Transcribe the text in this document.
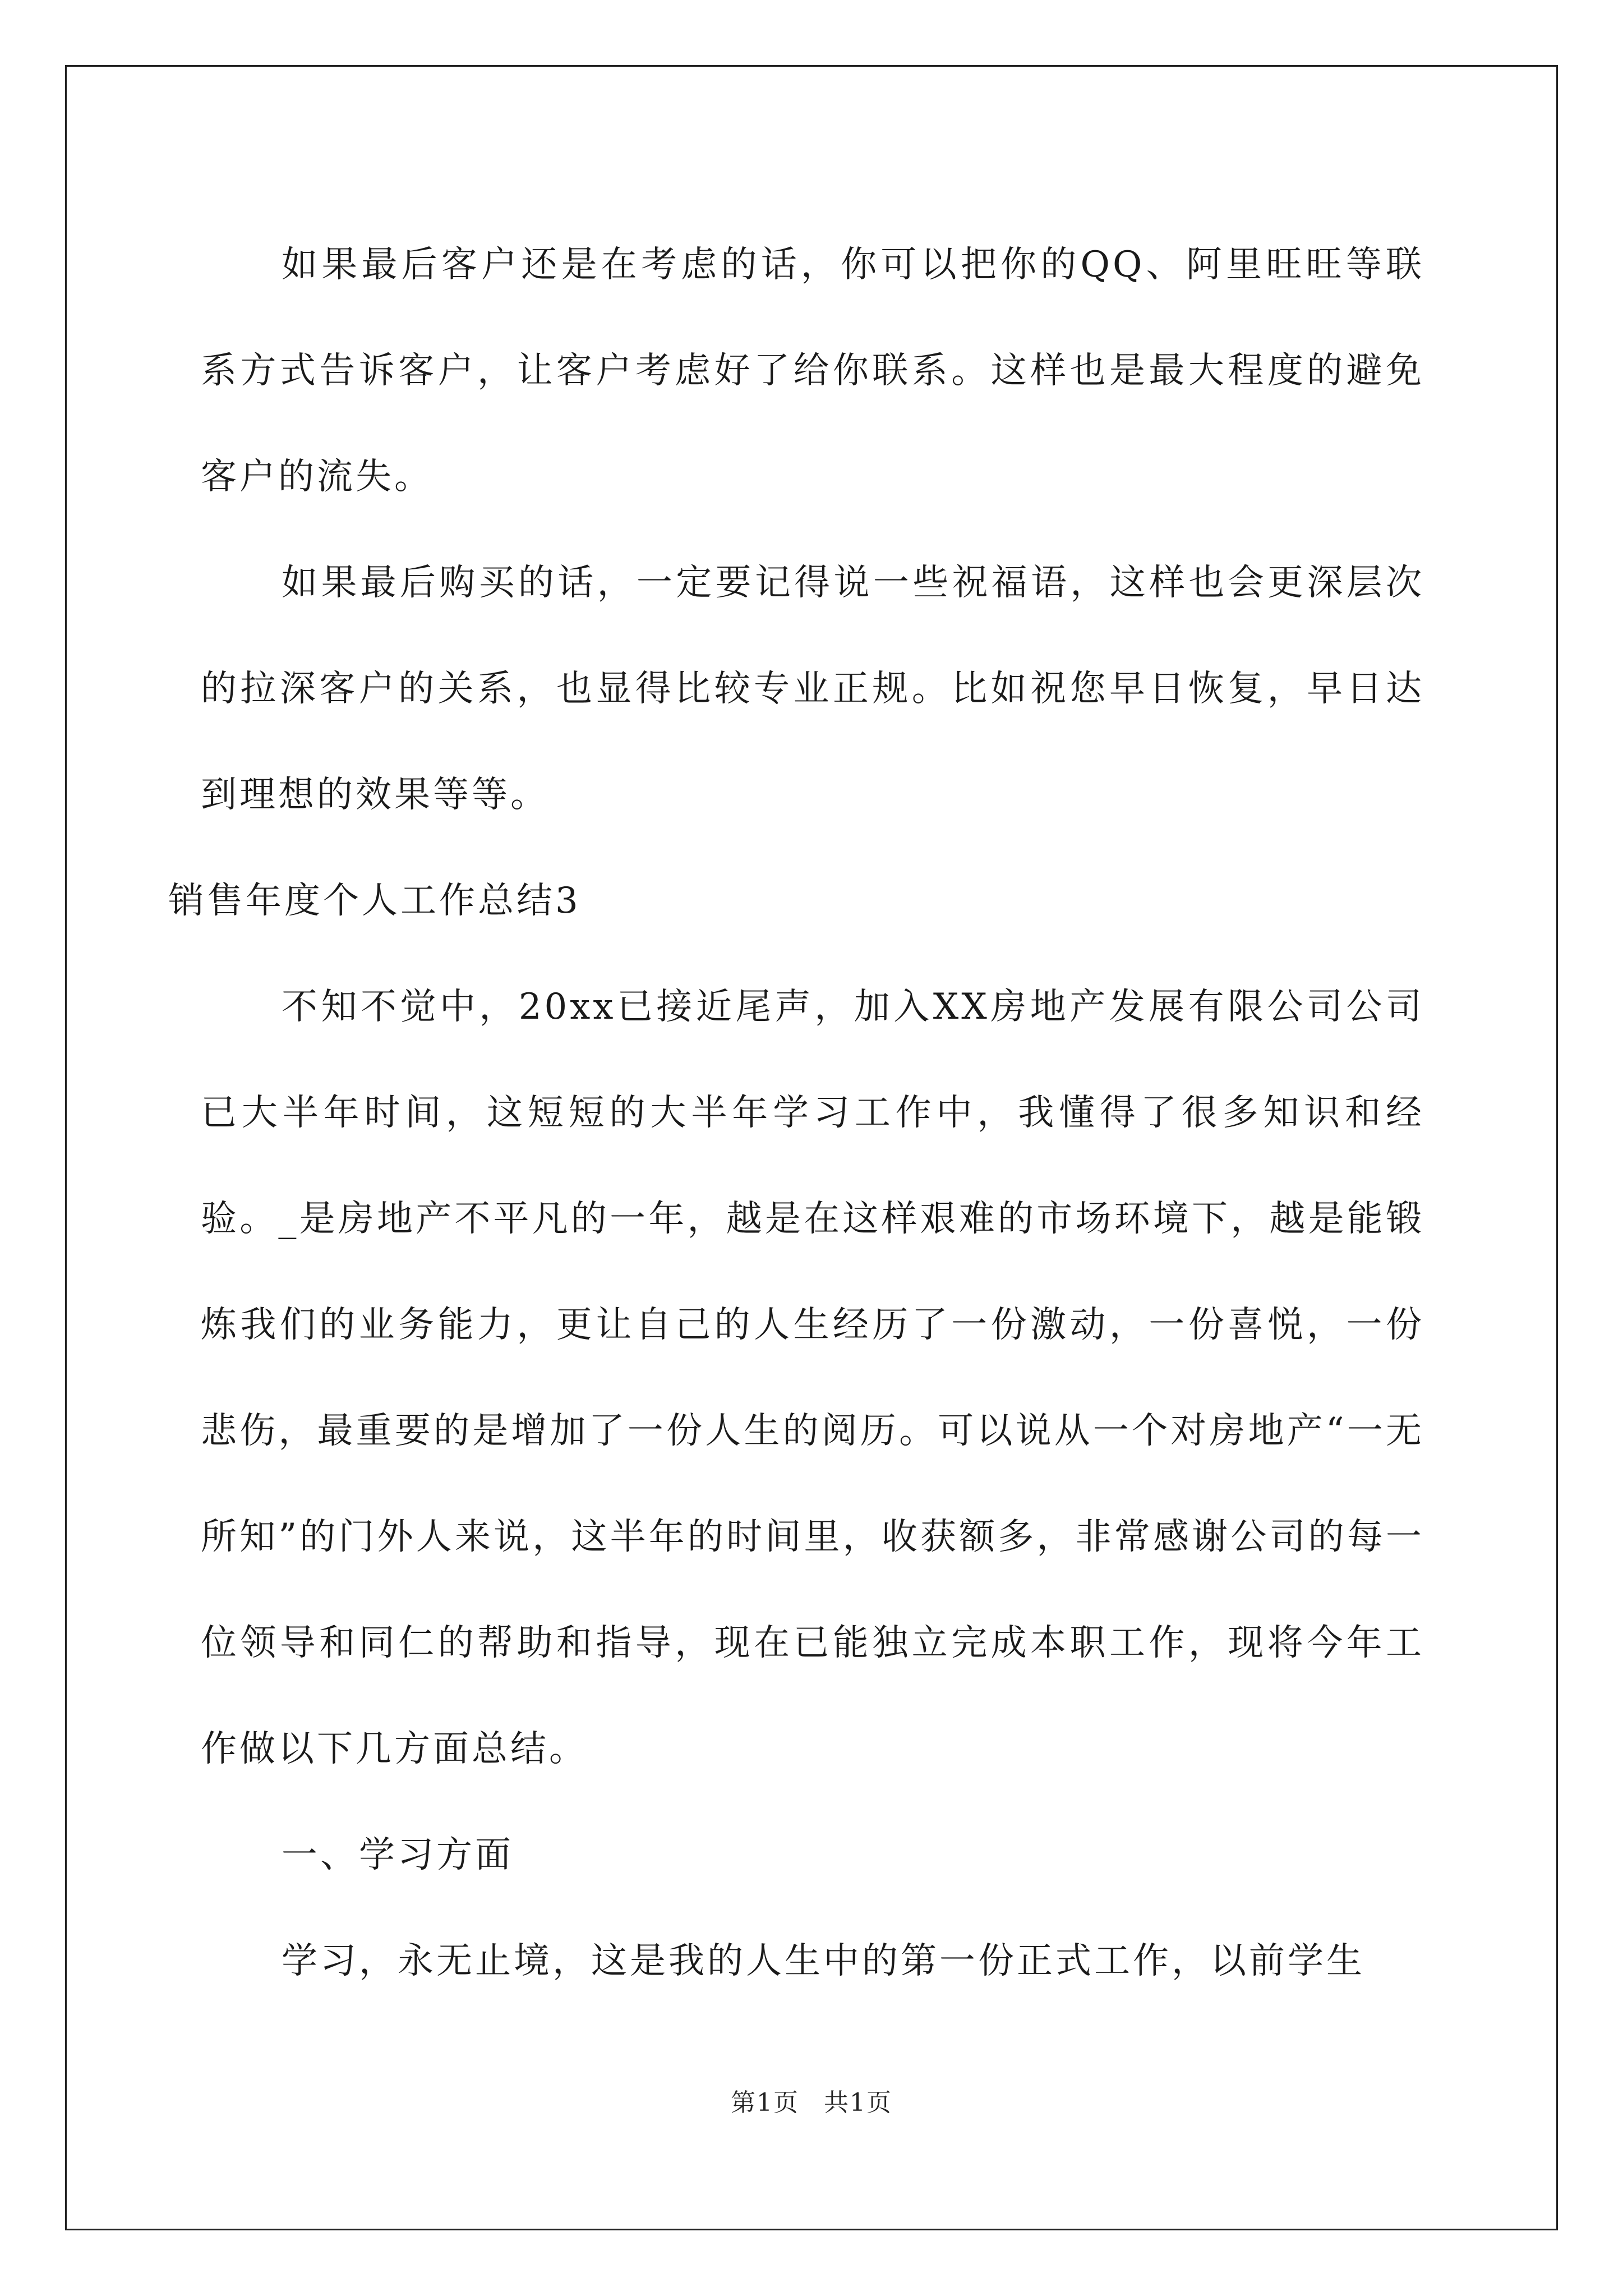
如果最后客户还是在考虑的话，你可以把你的QQ、阿里旺旺等联系方式告诉客户，让客户考虑好了给你联系。这样也是最大程度的避免客户的流失。

如果最后购买的话，一定要记得说一些祝福语，这样也会更深层次的拉深客户的关系，也显得比较专业正规。比如祝您早日恢复，早日达到理想的效果等等。

销售年度个人工作总结3

不知不觉中，20xx已接近尾声，加入XX房地产发展有限公司公司已大半年时间，这短短的大半年学习工作中，我懂得了很多知识和经验。_是房地产不平凡的一年，越是在这样艰难的市场环境下，越是能锻炼我们的业务能力，更让自己的人生经历了一份激动，一份喜悦，一份悲伤，最重要的是增加了一份人生的阅历。可以说从一个对房地产“一无所知”的门外人来说，这半年的时间里，收获额多，非常感谢公司的每一位领导和同仁的帮助和指导，现在已能独立完成本职工作，现将今年工作做以下几方面总结。

一、学习方面

学习，永无止境，这是我的人生中的第一份正式工作，以前学生

第1页 共1页
